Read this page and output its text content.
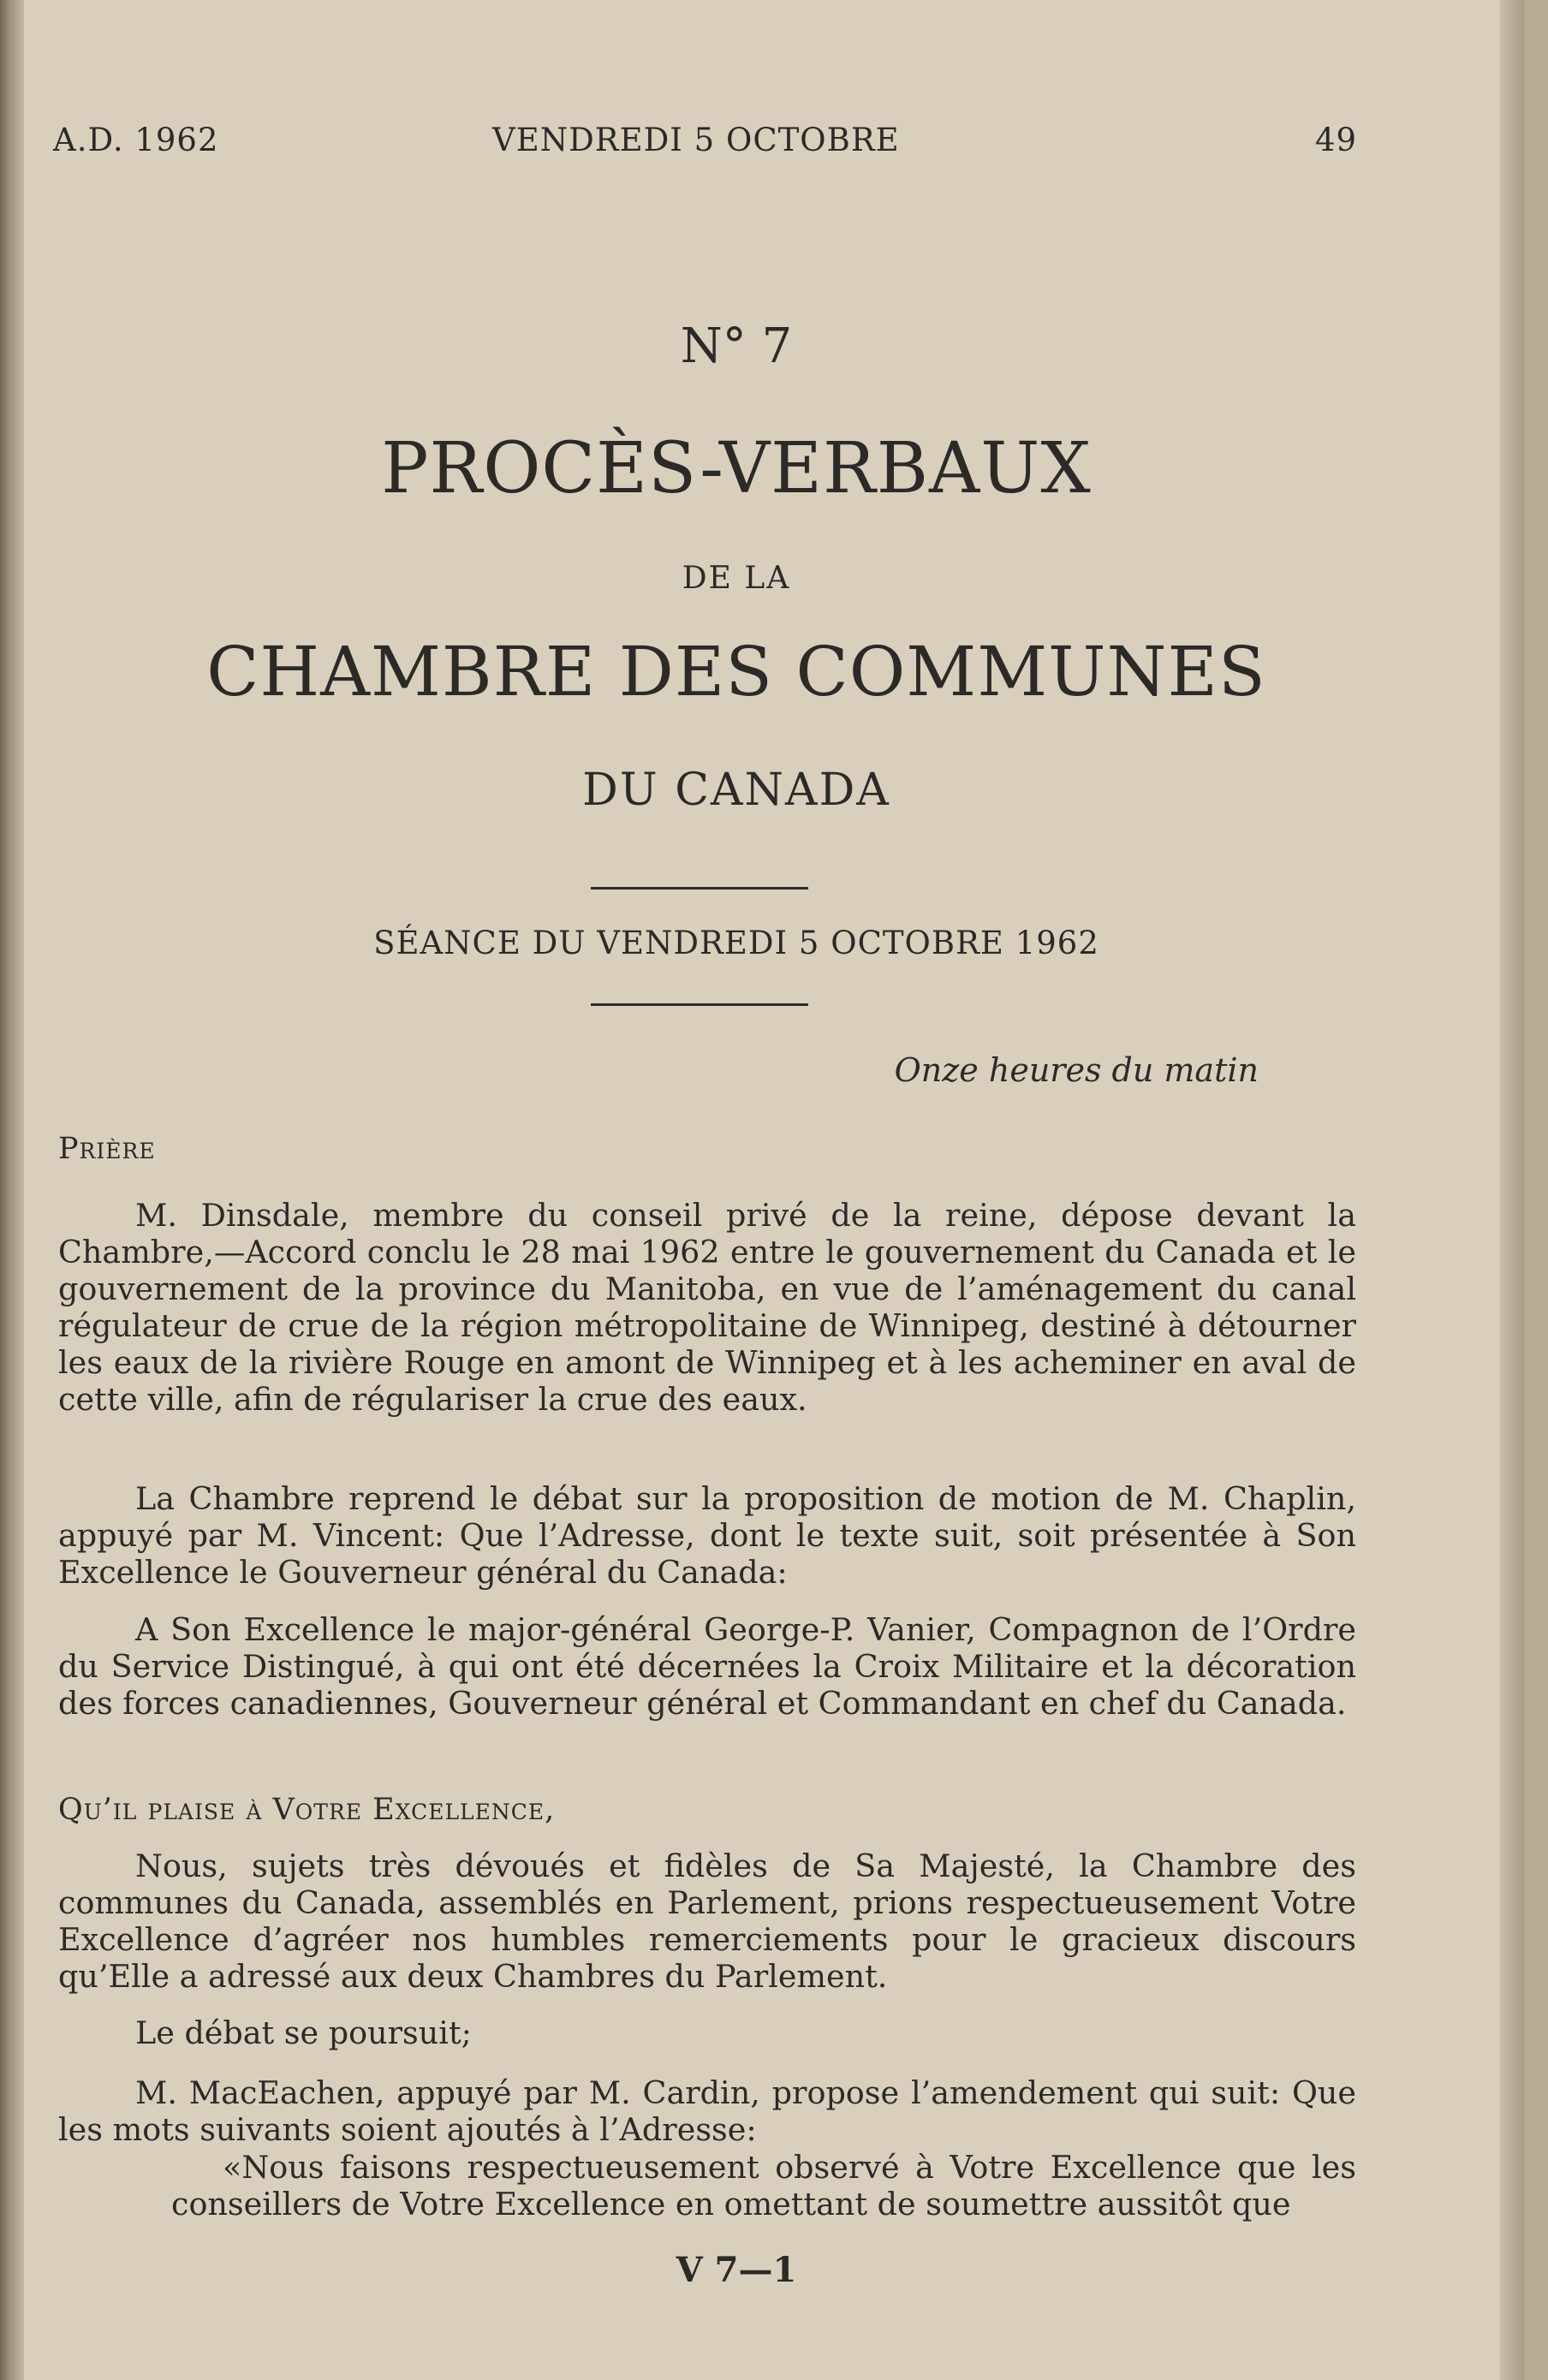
A.D. 1962	VENDREDI 5 OCTOBRE	49
N° 7
PROCÈS-VERBAUX
DE LA
CHAMBRE DES COMMUNES
DU CANADA
SÉANCE DU VENDREDI 5 OCTOBRE 1962
Onze heures du matin
Prière
M. Dinsdale, membre du conseil privé de la reine, dépose devant la Chambre,—Accord conclu le 28 mai 1962 entre le gouvernement du Canada et le gouvernement de la province du Manitoba, en vue de l’aménagement du canal régulateur de crue de la région métropolitaine de Winnipeg, destiné à détourner les eaux de la rivière Rouge en amont de Winnipeg et à les acheminer en aval de cette ville, afin de régulariser la crue des eaux.
La Chambre reprend le débat sur la proposition de motion de M. Chaplin, appuyé par M. Vincent: Que l’Adresse, dont le texte suit, soit présentée à Son Excellence le Gouverneur général du Canada:
A Son Excellence le major-général George-P. Vanier, Compagnon de l’Ordre du Service Distingué, à qui ont été décernées la Croix Militaire et la décoration des forces canadiennes, Gouverneur général et Commandant en chef du Canada.
Qu’il plaise à Votre Excellence,
Nous, sujets très dévoués et fidèles de Sa Majesté, la Chambre des communes du Canada, assemblés en Parlement, prions respectueusement Votre Excellence d’agréer nos humbles remerciements pour le gracieux discours qu’Elle a adressé aux deux Chambres du Parlement.
Le débat se poursuit;
M. MacEachen, appuyé par M. Cardin, propose l’amendement qui suit: Que les mots suivants soient ajoutés à l’Adresse:
«Nous faisons respectueusement observé à Votre Excellence que les conseillers de Votre Excellence en omettant de soumettre aussitôt que
V 7—1
